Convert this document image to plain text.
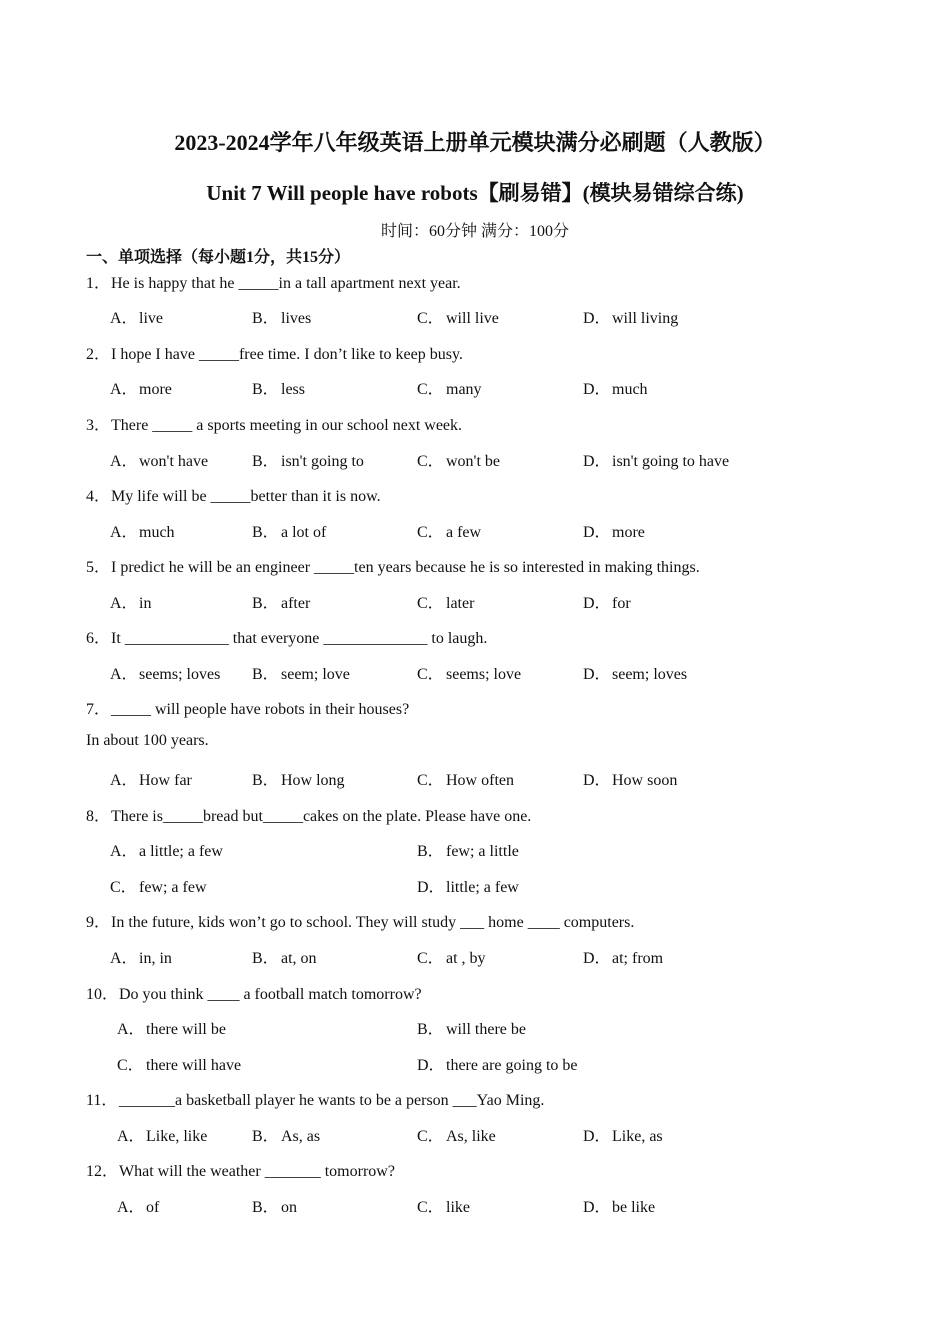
2023-2024学年八年级英语上册单元模块满分必刷题（人教版）
Unit 7 Will people have robots【刷易错】(模块易错综合练)
时间：60分钟 满分：100分
一、单项选择（每小题1分，共15分）
1．He is happy that he _____in a tall apartment next year.
A．live	B． lives	C． will live	D．will living
2．I hope I have _____free time. I don’t like to keep busy.
A．more	B． less	C． many	D．much
3．There _____ a sports meeting in our school next week.
A．won't have	B． isn't going to	C． won't be	D．isn't going to have
4．My life will be _____better than it is now.
A．much	B． a lot of	C． a few	D．more
5．I predict he will be an engineer _____ten years because he is so interested in making things.
A．in	B． after	C． later	D．for
6．It _____________ that everyone _____________ to laugh.
A．seems; loves B． seem; love	C． seems; love	D．seem; loves
7．_____ will people have robots in their houses?
In about 100 years.
A．How far	B． How long	C． How often	D．How soon
8．There is_____bread but_____cakes on the plate. Please have one.
A．a little; a few	B． few; a little
C． few; a few	D．little; a few
9．In the future, kids won’t go to school. They will study ___ home ____ computers.
A．in, in	B． at, on	C． at , by	D．at; from
10．Do you think ____ a football match tomorrow?
A．there will be	B． will there be
C． there will have	D．there are going to be
11．_______a basketball player he wants to be a person ___Yao Ming.
A．Like, like	B． As, as	C． As, like	D．Like, as
12．What will the weather _______ tomorrow?
A．of	B． on	C． like	D．be like
